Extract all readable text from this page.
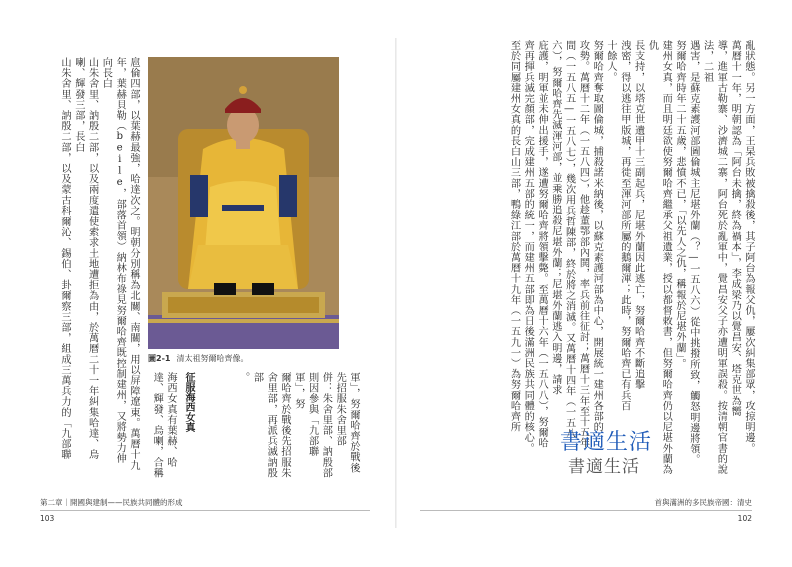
亂狀態。另一方面，王杲兵敗被擒殺後，其子阿台為報父仇，屢次糾集部眾，攻掠明邊。
萬曆十一年，明朝認為「阿台未擒，終為禍本」，李成梁乃以覺昌安、塔克世為嚮
導，進軍古勒寨、沙濟城二寨，阿台死於亂軍中，覺昌安父子亦遭明軍誤殺。按清朝官書的說法，二祖
遇害，是蘇克素護河部圖倫城主尼堪外蘭（？—一五八六）從中挑撥所致，觸怒明邊將領。
努爾哈齊時年二十五歲，悲憤不已，「以先人之仇，稱報於尼堪外蘭」。
建州女真，而且明廷欲使努爾哈齊繼承父祖遺業，授以都督敕書，但努爾哈齊仍以尼堪外蘭為仇
長支持，以塔克世遺甲十三副起兵，尼堪外蘭因此逃亡，努爾哈齊不斷追擊
洩密，得以逃往甲版城，再徙至渾河部所屬的鵝爾渾；此時，努爾哈齊已有兵百
十餘人。
努爾哈齊奪取圖倫城，捕殺諾米納後，以蘇克素護河部為中心，開展統一建州各部的
攻勢。萬曆十二年（一五八四），他趁董鄂部內鬨，率兵前往征討；萬曆十三年至十五年
間（一五八五—一五八七），幾次用兵哲陳部，終於將之消滅。又萬曆十四年（一五八
六），努爾哈齊先滅渾河部，並乘勝追殺尼堪外蘭；尼堪外蘭逃入明邊，請求
庇護，明軍並未伸出援手，遂遭努爾哈齊將領擊斃。至萬曆十六年（一五八八），努爾哈
齊再揮兵滅完顏部，完成建州五部的統一，而建州五部即為日後滿洲民族共同體的核心。
至於同屬建州女真的長白山三部，鴨綠江部於萬曆十九年（一五九一）為努爾哈齊所
圖2-1 清太祖努爾哈齊像。
扈倫四部，以葉赫最強，哈達次之。明朝分別稱為北關、南關，用以屏障遼東。萬曆十九
年，葉赫貝勒（beile，部落首領）納林布祿見努爾哈齊既控制建州，又將勢力伸向長白
山朱舍里、訥殷二部，以及兩度遣使索求土地遭拒為由，於萬曆二十一年糾集哈達、烏喇、輝發三部，長白
山朱舍里、訥殷二部，以及蒙古科爾沁、錫伯、卦爾察三部，組成三萬兵力的「九部聯	軍」，努爾哈齊於戰後先招服朱舍里部
併：朱舍里部、訥殷部則因參與「九部聯軍」，努
爾哈齊於戰後先招服朱舍里部，再派兵滅訥殷部
。
征服海西女真
海西女真有葉赫、哈達、輝發、烏喇，合稱	書適生活
書適生活
第二章｜開國與建制——民族共同體的形成
103
首與滿洲的多民族帝國：清史
102
